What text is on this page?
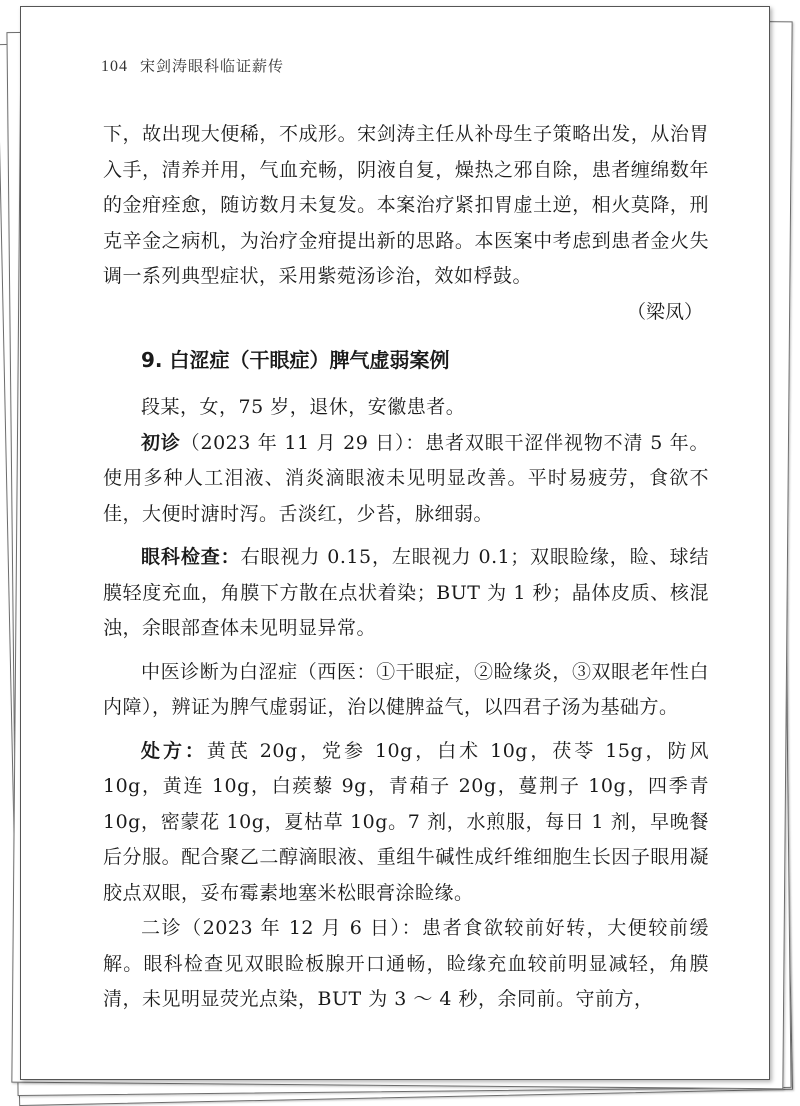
104 宋剑涛眼科临证薪传

下，故出现大便稀，不成形。宋剑涛主任从补母生子策略出发，从治胃入手，清养并用，气血充畅，阴液自复，燥热之邪自除，患者缠绵数年的金疳痊愈，随访数月未复发。本案治疗紧扣胃虚土逆，相火莫降，刑克辛金之病机，为治疗金疳提出新的思路。本医案中考虑到患者金火失调一系列典型症状，采用紫菀汤诊治，效如桴鼓。

（梁凤）

9. 白涩症（干眼症）脾气虚弱案例

段某，女，75 岁，退休，安徽患者。

初诊（2023 年 11 月 29 日）：患者双眼干涩伴视物不清 5 年。使用多种人工泪液、消炎滴眼液未见明显改善。平时易疲劳，食欲不佳，大便时溏时泻。舌淡红，少苔，脉细弱。

眼科检查：右眼视力 0.15，左眼视力 0.1；双眼睑缘，睑、球结膜轻度充血，角膜下方散在点状着染；BUT 为 1 秒；晶体皮质、核混浊，余眼部查体未见明显异常。

中医诊断为白涩症（西医：①干眼症，②睑缘炎，③双眼老年性白内障），辨证为脾气虚弱证，治以健脾益气，以四君子汤为基础方。

处方：黄芪 20g，党参 10g，白术 10g，茯苓 15g，防风 10g，黄连 10g，白蒺藜 9g，青葙子 20g，蔓荆子 10g，四季青 10g，密蒙花 10g，夏枯草 10g。7 剂，水煎服，每日 1 剂，早晚餐后分服。配合聚乙二醇滴眼液、重组牛碱性成纤维细胞生长因子眼用凝胶点双眼，妥布霉素地塞米松眼膏涂睑缘。

二诊（2023 年 12 月 6 日）：患者食欲较前好转，大便较前缓解。眼科检查见双眼睑板腺开口通畅，睑缘充血较前明显减轻，角膜清，未见明显荧光点染，BUT 为 3 ～ 4 秒，余同前。守前方，
